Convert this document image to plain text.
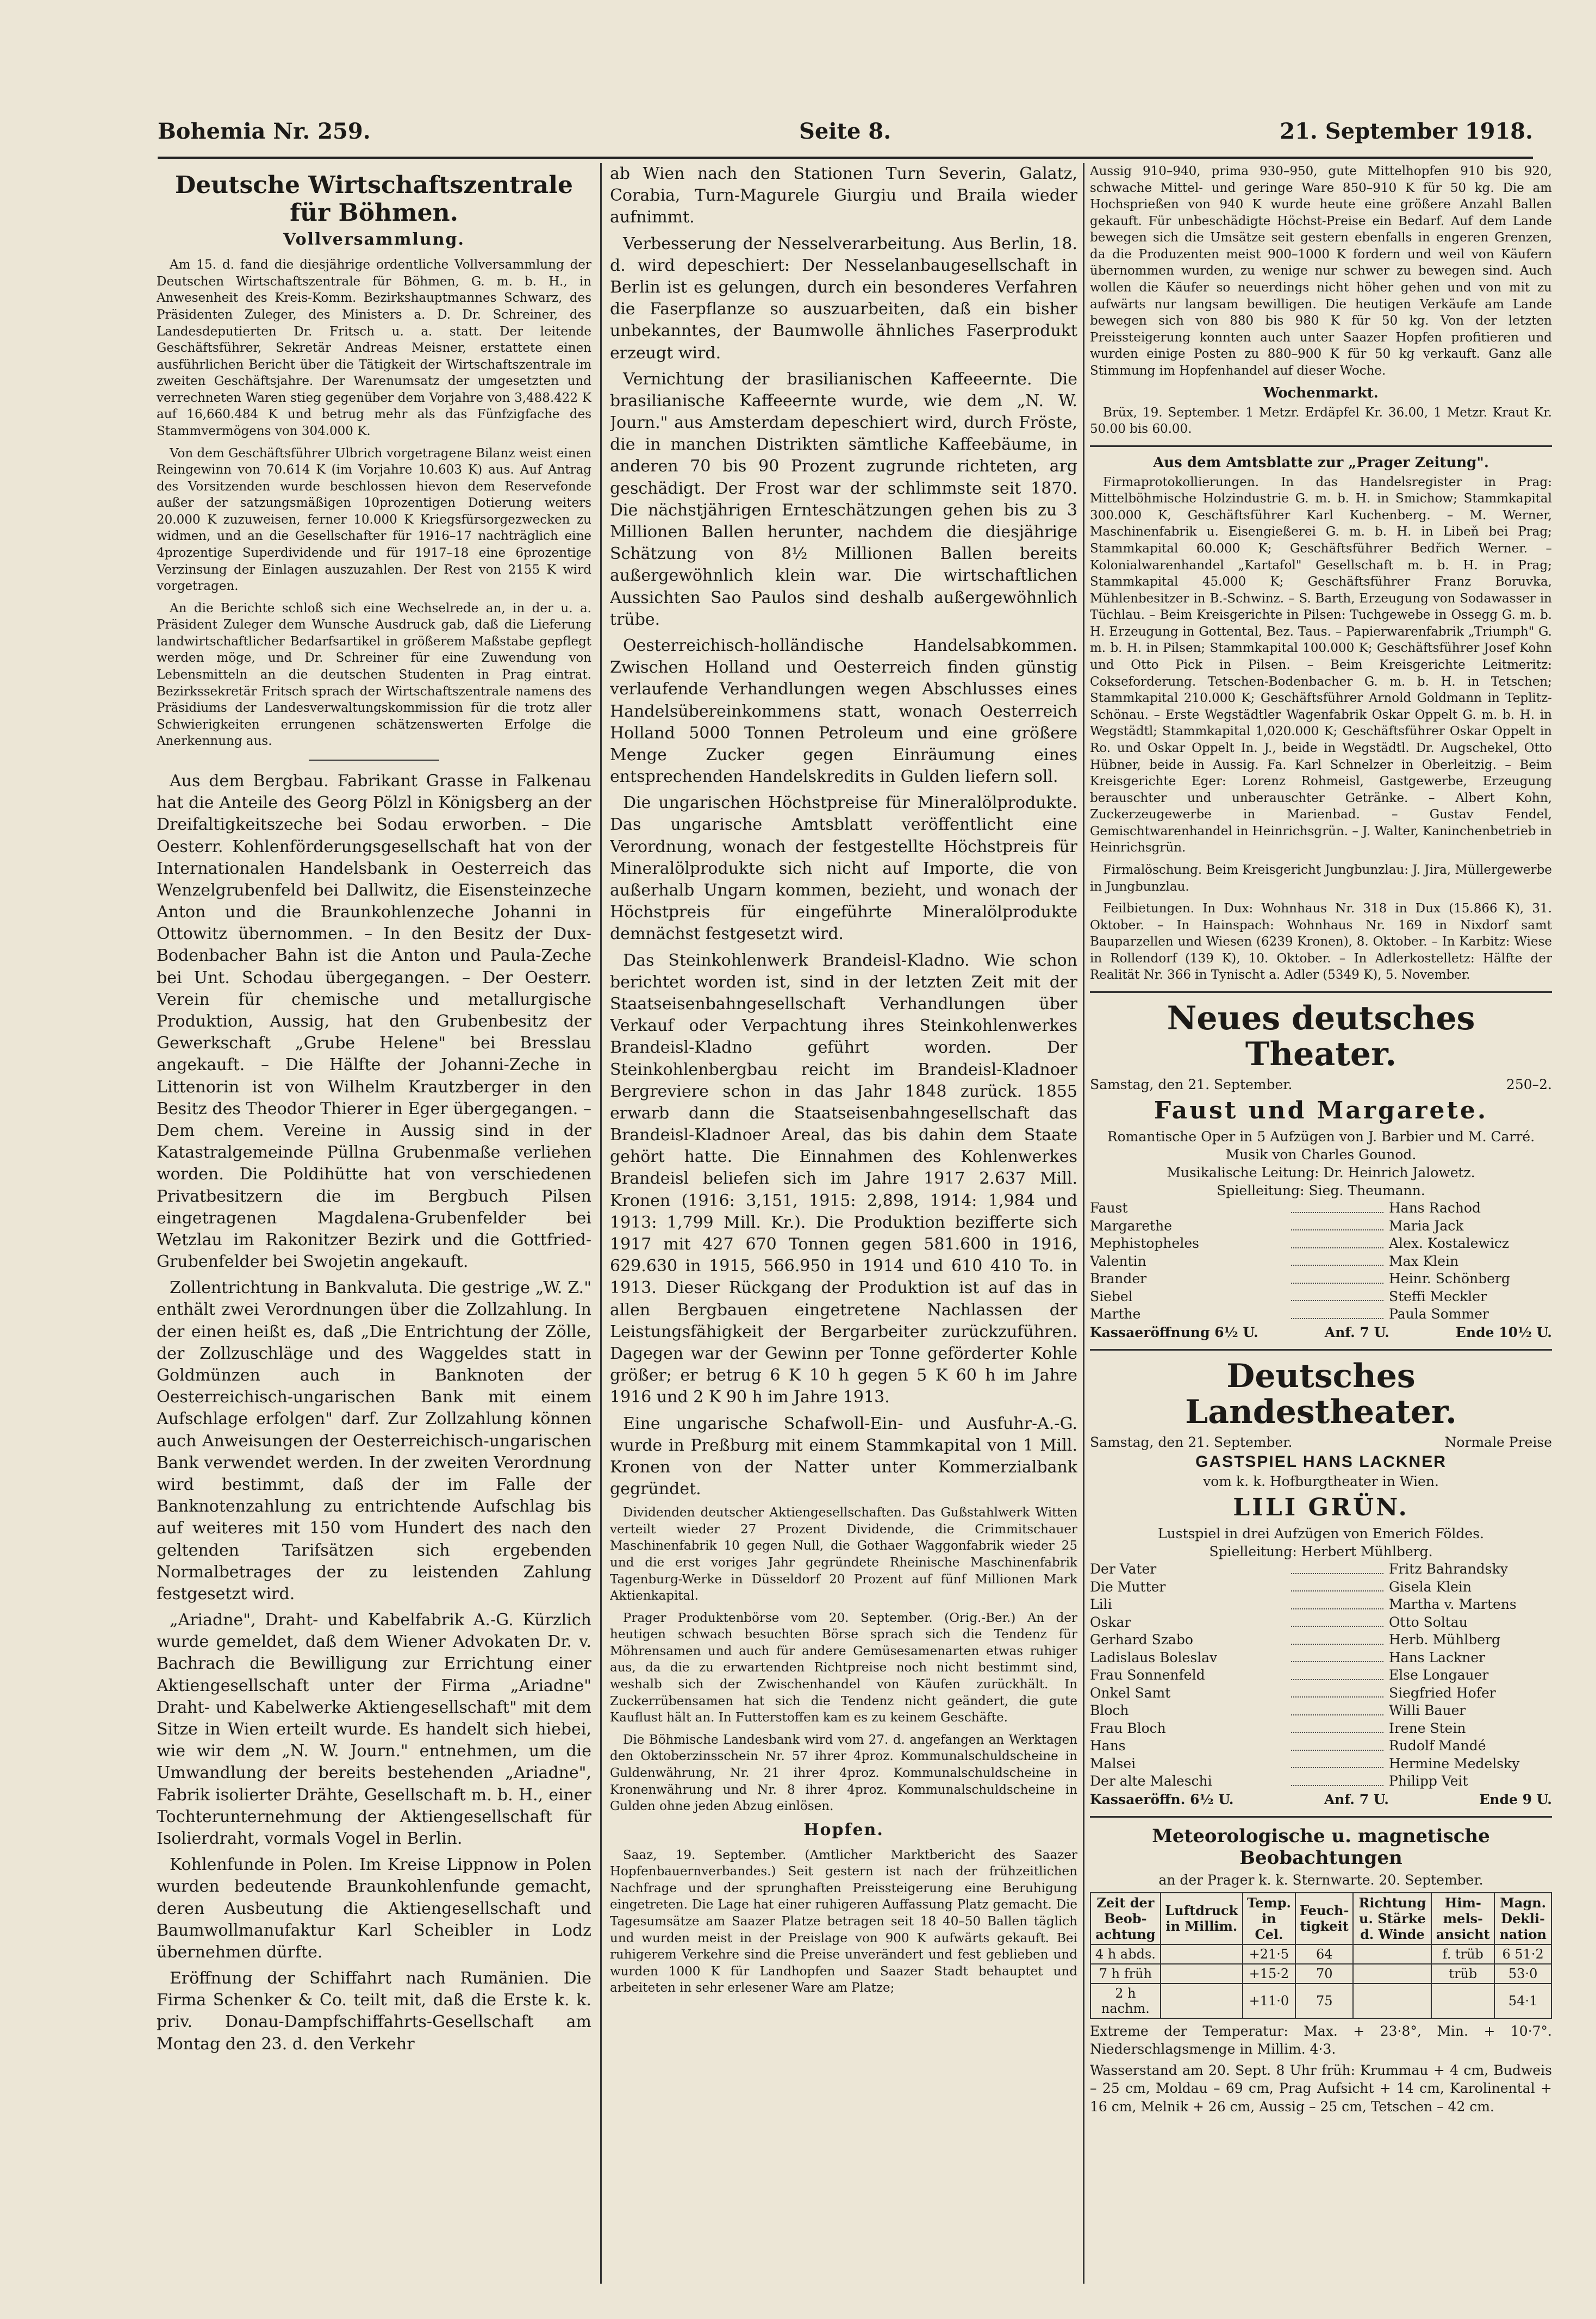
Bohemia Nr. 259.	Seite 8.	21. September 1918.
Deutsche Wirtschaftszentrale für Böhmen.
Vollversammlung.

Am 15. d. fand die diesjährige ordentliche Vollversammlung der Deutschen Wirtschaftszentrale für Böhmen, G. m. b. H., in Anwesenheit des Kreis-Komm. Bezirkshauptmannes Schwarz, des Präsidenten Zuleger, des Ministers a. D. Dr. Schreiner, des Landesdeputierten Dr. Fritsch u. a. statt. Der leitende Geschäftsführer, Sekretär Andreas Meisner, erstattete einen ausführlichen Bericht über die Tätigkeit der Wirtschaftszentrale im zweiten Geschäftsjahre. Der Warenumsatz der umgesetzten und verrechneten Waren stieg gegenüber dem Vorjahre von 3,488.422 K auf 16,660.484 K und betrug mehr als das Fünfzigfache des Stammvermögens von 304.000 K.

Von dem Geschäftsführer Ulbrich vorgetragene Bilanz weist einen Reingewinn von 70.614 K (im Vorjahre 10.603 K) aus. Auf Antrag des Vorsitzenden wurde beschlossen hievon dem Reservefonde außer der satzungsmäßigen 10prozentigen Dotierung weiters 20.000 K zuzuweisen, ferner 10.000 K Kriegsfürsorgezwecken zu widmen, und an die Gesellschafter für 1916–17 nachträglich eine 4prozentige Superdividende und für 1917–18 eine 6prozentige Verzinsung der Einlagen auszuzahlen. Der Rest von 2155 K wird vorgetragen.

An die Berichte schloß sich eine Wechselrede an, in der u. a. Präsident Zuleger dem Wunsche Ausdruck gab, daß die Lieferung landwirtschaftlicher Bedarfsartikel in größerem Maßstabe gepflegt werden möge, und Dr. Schreiner für eine Zuwendung von Lebensmitteln an die deutschen Studenten in Prag eintrat. Bezirkssekretär Fritsch sprach der Wirtschaftszentrale namens des Präsidiums der Landesverwaltungskommission für die trotz aller Schwierigkeiten errungenen schätzenswerten Erfolge die Anerkennung aus.

Aus dem Bergbau. Fabrikant Grasse in Falkenau hat die Anteile des Georg Pölzl in Königsberg an der Dreifaltigkeitszeche bei Sodau erworben. – Die Oesterr. Kohlenförderungsgesellschaft hat von der Internationalen Handelsbank in Oesterreich das Wenzelgrubenfeld bei Dallwitz, die Eisensteinzeche Anton und die Braunkohlenzeche Johanni in Ottowitz übernommen. – In den Besitz der Dux-Bodenbacher Bahn ist die Anton und Paula-Zeche bei Unt. Schodau übergegangen. – Der Oesterr. Verein für chemische und metallurgische Produktion, Aussig, hat den Grubenbesitz der Gewerkschaft „Grube Helene" bei Bresslau angekauft. – Die Hälfte der Johanni-Zeche in Littenorin ist von Wilhelm Krautzberger in den Besitz des Theodor Thierer in Eger übergegangen. – Dem chem. Vereine in Aussig sind in der Katastralgemeinde Püllna Grubenmaße verliehen worden. Die Poldihütte hat von verschiedenen Privatbesitzern die im Bergbuch Pilsen eingetragenen Magdalena-Grubenfelder bei Wetzlau im Rakonitzer Bezirk und die Gottfried-Grubenfelder bei Swojetin angekauft.

Zollentrichtung in Bankvaluta. Die gestrige „W. Z." enthält zwei Verordnungen über die Zollzahlung. In der einen heißt es, daß „Die Entrichtung der Zölle, der Zollzuschläge und des Waggeldes statt in Goldmünzen auch in Banknoten der Oesterreichisch-ungarischen Bank mit einem Aufschlage erfolgen" darf. Zur Zollzahlung können auch Anweisungen der Oesterreichisch-ungarischen Bank verwendet werden. In der zweiten Verordnung wird bestimmt, daß der im Falle der Banknotenzahlung zu entrichtende Aufschlag bis auf weiteres mit 150 vom Hundert des nach den geltenden Tarifsätzen sich ergebenden Normalbetrages der zu leistenden Zahlung festgesetzt wird.

„Ariadne", Draht- und Kabelfabrik A.-G. Kürzlich wurde gemeldet, daß dem Wiener Advokaten Dr. v. Bachrach die Bewilligung zur Errichtung einer Aktiengesellschaft unter der Firma „Ariadne" Draht- und Kabelwerke Aktiengesellschaft" mit dem Sitze in Wien erteilt wurde. Es handelt sich hiebei, wie wir dem „N. W. Journ." entnehmen, um die Umwandlung der bereits bestehenden „Ariadne", Fabrik isolierter Drähte, Gesellschaft m. b. H., einer Tochterunternehmung der Aktiengesellschaft für Isolierdraht, vormals Vogel in Berlin.

Kohlenfunde in Polen. Im Kreise Lippnow in Polen wurden bedeutende Braunkohlenfunde gemacht, deren Ausbeutung die Aktiengesellschaft und Baumwollmanufaktur Karl Scheibler in Lodz übernehmen dürfte.

Eröffnung der Schiffahrt nach Rumänien. Die Firma Schenker & Co. teilt mit, daß die Erste k. k. priv. Donau-Dampfschiffahrts-Gesellschaft am Montag den 23. d. den Verkehr

ab Wien nach den Stationen Turn Severin, Galatz, Corabia, Turn-Magurele Giurgiu und Braila wieder aufnimmt.

Verbesserung der Nesselverarbeitung. Aus Berlin, 18. d. wird depeschiert: Der Nesselanbaugesellschaft in Berlin ist es gelungen, durch ein besonderes Verfahren die Faserpflanze so auszuarbeiten, daß ein bisher unbekanntes, der Baumwolle ähnliches Faserprodukt erzeugt wird.

Vernichtung der brasilianischen Kaffeeernte. Die brasilianische Kaffeeernte wurde, wie dem „N. W. Journ." aus Amsterdam depeschiert wird, durch Fröste, die in manchen Distrikten sämtliche Kaffeebäume, in anderen 70 bis 90 Prozent zugrunde richteten, arg geschädigt. Der Frost war der schlimmste seit 1870. Die nächstjährigen Ernteschätzungen gehen bis zu 3 Millionen Ballen herunter, nachdem die diesjährige Schätzung von 8½ Millionen Ballen bereits außergewöhnlich klein war. Die wirtschaftlichen Aussichten Sao Paulos sind deshalb außergewöhnlich trübe.

Oesterreichisch-holländische Handelsabkommen. Zwischen Holland und Oesterreich finden günstig verlaufende Verhandlungen wegen Abschlusses eines Handelsübereinkommens statt, wonach Oesterreich Holland 5000 Tonnen Petroleum und eine größere Menge Zucker gegen Einräumung eines entsprechenden Handelskredits in Gulden liefern soll.

Die ungarischen Höchstpreise für Mineralölprodukte. Das ungarische Amtsblatt veröffentlicht eine Verordnung, wonach der festgestellte Höchstpreis für Mineralölprodukte sich nicht auf Importe, die von außerhalb Ungarn kommen, bezieht, und wonach der Höchstpreis für eingeführte Mineralölprodukte demnächst festgesetzt wird.

Das Steinkohlenwerk Brandeisl-Kladno. Wie schon berichtet worden ist, sind in der letzten Zeit mit der Staatseisenbahngesellschaft Verhandlungen über Verkauf oder Verpachtung ihres Steinkohlenwerkes Brandeisl-Kladno geführt worden. Der Steinkohlenbergbau reicht im Brandeisl-Kladnoer Bergreviere schon in das Jahr 1848 zurück. 1855 erwarb dann die Staatseisenbahngesellschaft das Brandeisl-Kladnoer Areal, das bis dahin dem Staate gehört hatte. Die Einnahmen des Kohlenwerkes Brandeisl beliefen sich im Jahre 1917 2.637 Mill. Kronen (1916: 3,151, 1915: 2,898, 1914: 1,984 und 1913: 1,799 Mill. Kr.). Die Produktion bezifferte sich 1917 mit 427 670 Tonnen gegen 581.600 in 1916, 629.630 in 1915, 566.950 in 1914 und 610 410 To. in 1913. Dieser Rückgang der Produktion ist auf das in allen Bergbauen eingetretene Nachlassen der Leistungsfähigkeit der Bergarbeiter zurückzuführen. Dagegen war der Gewinn per Tonne geförderter Kohle größer; er betrug 6 K 10 h gegen 5 K 60 h im Jahre 1916 und 2 K 90 h im Jahre 1913.

Eine ungarische Schafwoll-Ein- und Ausfuhr-A.-G. wurde in Preßburg mit einem Stammkapital von 1 Mill. Kronen von der Natter unter Kommerzialbank gegründet.

Dividenden deutscher Aktiengesellschaften. Das Gußstahlwerk Witten verteilt wieder 27 Prozent Dividende, die Crimmitschauer Maschinenfabrik 10 gegen Null, die Gothaer Waggonfabrik wieder 25 und die erst voriges Jahr gegründete Rheinische Maschinenfabrik Tagenburg-Werke in Düsseldorf 20 Prozent auf fünf Millionen Mark Aktienkapital.

Prager Produktenbörse vom 20. September. (Orig.-Ber.) An der heutigen schwach besuchten Börse sprach sich die Tendenz für Möhrensamen und auch für andere Gemüsesamenarten etwas ruhiger aus, da die zu erwartenden Richtpreise noch nicht bestimmt sind, weshalb sich der Zwischenhandel von Käufen zurückhält. In Zuckerrübensamen hat sich die Tendenz nicht geändert, die gute Kauflust hält an. In Futterstoffen kam es zu keinem Geschäfte.

Die Böhmische Landesbank wird vom 27. d. angefangen an Werktagen den Oktoberzinsschein Nr. 57 ihrer 4proz. Kommunalschuldscheine in Guldenwährung, Nr. 21 ihrer 4proz. Kommunalschuldscheine in Kronenwährung und Nr. 8 ihrer 4proz. Kommunalschuldscheine in Gulden ohne jeden Abzug einlösen.

Hopfen.

Saaz, 19. September. (Amtlicher Marktbericht des Saazer Hopfenbauernverbandes.) Seit gestern ist nach der frühzeitlichen Nachfrage und der sprunghaften Preissteigerung eine Beruhigung eingetreten. Die Lage hat einer ruhigeren Auffassung Platz gemacht. Die Tagesumsätze am Saazer Platze betragen seit 18 40–50 Ballen täglich und wurden meist in der Preislage von 900 K aufwärts gekauft. Bei ruhigerem Verkehre sind die Preise unverändert und fest geblieben und wurden 1000 K für Landhopfen und Saazer Stadt behauptet und arbeiteten in sehr erlesener Ware am Platze;

Aussig 910–940, prima 930–950, gute Mittelhopfen 910 bis 920, schwache Mittel- und geringe Ware 850–910 K für 50 kg. Die am Hochsprießen von 940 K wurde heute eine größere Anzahl Ballen gekauft. Für unbeschädigte Höchst-Preise ein Bedarf. Auf dem Lande bewegen sich die Umsätze seit gestern ebenfalls in engeren Grenzen, da die Produzenten meist 900–1000 K fordern und weil von Käufern übernommen wurden, zu wenige nur schwer zu bewegen sind. Auch wollen die Käufer so neuerdings nicht höher gehen und von mit zu aufwärts nur langsam bewilligen. Die heutigen Verkäufe am Lande bewegen sich von 880 bis 980 K für 50 kg. Von der letzten Preissteigerung konnten auch unter Saazer Hopfen profitieren und wurden einige Posten zu 880–900 K für 50 kg verkauft. Ganz alle Stimmung im Hopfenhandel auf dieser Woche.

Wochenmarkt.

Brüx, 19. September. 1 Metzr. Erdäpfel Kr. 36.00, 1 Metzr. Kraut Kr. 50.00 bis 60.00.

Aus dem Amtsblatte zur „Prager Zeitung".

Firmaprotokollierungen. In das Handelsregister in Prag: Mittelböhmische Holzindustrie G. m. b. H. in Smichow; Stammkapital 300.000 K, Geschäftsführer Karl Kuchenberg. – M. Werner, Maschinenfabrik u. Eisengießerei G. m. b. H. in Libeň bei Prag; Stammkapital 60.000 K; Geschäftsführer Bedřich Werner. – Kolonialwarenhandel „Kartafol" Gesellschaft m. b. H. in Prag; Stammkapital 45.000 K; Geschäftsführer Franz Boruvka, Mühlenbesitzer in B.-Schwinz. – S. Barth, Erzeugung von Sodawasser in Tüchlau. – Beim Kreisgerichte in Pilsen: Tuchgewebe in Ossegg G. m. b. H. Erzeugung in Gottental, Bez. Taus. – Papierwarenfabrik „Triumph" G. m. b. H. in Pilsen; Stammkapital 100.000 K; Geschäftsführer Josef Kohn und Otto Pick in Pilsen. – Beim Kreisgerichte Leitmeritz: Cokseforderung. Tetschen-Bodenbacher G. m. b. H. in Tetschen; Stammkapital 210.000 K; Geschäftsführer Arnold Goldmann in Teplitz-Schönau. – Erste Wegstädtler Wagenfabrik Oskar Oppelt G. m. b. H. in Wegstädtl; Stammkapital 1,020.000 K; Geschäftsführer Oskar Oppelt in Ro. und Oskar Oppelt In. J., beide in Wegstädtl. Dr. Augschekel, Otto Hübner, beide in Aussig. Fa. Karl Schnelzer in Oberleitzig. – Beim Kreisgerichte Eger: Lorenz Rohmeisl, Gastgewerbe, Erzeugung berauschter und unberauschter Getränke. – Albert Kohn, Zuckerzeugewerbe in Marienbad. – Gustav Fendel, Gemischtwarenhandel in Heinrichsgrün. – J. Walter, Kaninchenbetrieb in Heinrichsgrün.

Firmalöschung. Beim Kreisgericht Jungbunzlau: J. Jira, Müllergewerbe in Jungbunzlau.

Feilbietungen. In Dux: Wohnhaus Nr. 318 in Dux (15.866 K), 31. Oktober. – In Hainspach: Wohnhaus Nr. 169 in Nixdorf samt Bauparzellen und Wiesen (6239 Kronen), 8. Oktober. – In Karbitz: Wiese in Rollendorf (139 K), 10. Oktober. – In Adlerkostelletz: Hälfte der Realität Nr. 366 in Tynischt a. Adler (5349 K), 5. November.

Neues deutsches Theater.
Samstag, den 21. September.	250–2.
Faust und Margarete.

Romantische Oper in 5 Aufzügen von J. Barbier und M. Carré. Musik von Charles Gounod.

Musikalische Leitung: Dr. Heinrich Jalowetz.

Spielleitung: Sieg. Theumann.

Faust	Hans Rachod
Margarethe	Maria Jack
Mephistopheles	Alex. Kostalewicz
Valentin	Max Klein
Brander	Heinr. Schönberg
Siebel	Steffi Meckler
Marthe	Paula Sommer
Kassaeröffnung 6½ U.	Anf. 7 U.	Ende 10½ U.
Deutsches Landestheater.
Samstag, den 21. September.	Normale Preise

GASTSPIEL HANS LACKNER

vom k. k. Hofburgtheater in Wien.

LILI GRÜN.

Lustspiel in drei Aufzügen von Emerich Földes.

Spielleitung: Herbert Mühlberg.

Der Vater	Fritz Bahrandsky
Die Mutter	Gisela Klein
Lili	Martha v. Martens
Oskar	Otto Soltau
Gerhard Szabo	Herb. Mühlberg
Ladislaus Boleslav	Hans Lackner
Frau Sonnenfeld	Else Longauer
Onkel Samt	Siegfried Hofer
Bloch	Willi Bauer
Frau Bloch	Irene Stein
Hans	Rudolf Mandé
Malsei	Hermine Medelsky
Der alte Maleschi	Philipp Veit
Kassaeröffn. 6½ U.	Anf. 7 U.	Ende 9 U.
Meteorologische u. magnetische Beobachtungen

an der Prager k. k. Sternwarte. 20. September.

Zeit der Beob-achtung	Luftdruck in Millim.	Temp. in Cel.	Feuch-tigkeit	Richtung u. Stärke d. Winde	Him-mels-ansicht	Magn. Dekli-nation
4 h abds.		+21·5	64		f. trüb	6 51·2
7 h früh		+15·2	70		trüb	53·0
2 h nachm.		+11·0	75			54·1

Extreme der Temperatur: Max. + 23·8°, Min. + 10·7°. Niederschlagsmenge in Millim. 4·3.

Wasserstand am 20. Sept. 8 Uhr früh: Krummau + 4 cm, Budweis – 25 cm, Moldau – 69 cm, Prag Aufsicht + 14 cm, Karolinental + 16 cm, Melnik + 26 cm, Aussig – 25 cm, Tetschen – 42 cm.
